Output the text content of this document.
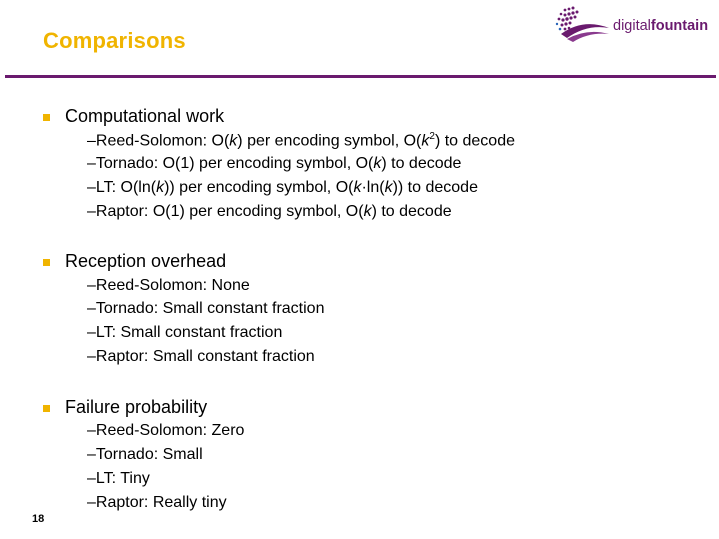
Comparisons
digitalfountain
Computational work
–Reed-Solomon: O(k) per encoding symbol, $O(k^2)$ to decode
–Tornado: O(1) per encoding symbol, O(k) to decode
–LT: O(ln(k)) per encoding symbol, O(k·ln(k)) to decode
–Raptor: O(1) per encoding symbol, O(k) to decode
Reception overhead
–Reed-Solomon: None
–Tornado: Small constant fraction
–LT: Small constant fraction
–Raptor: Small constant fraction
Failure probability
–Reed-Solomon: Zero
–Tornado: Small
–LT: Tiny
–Raptor: Really tiny
18
